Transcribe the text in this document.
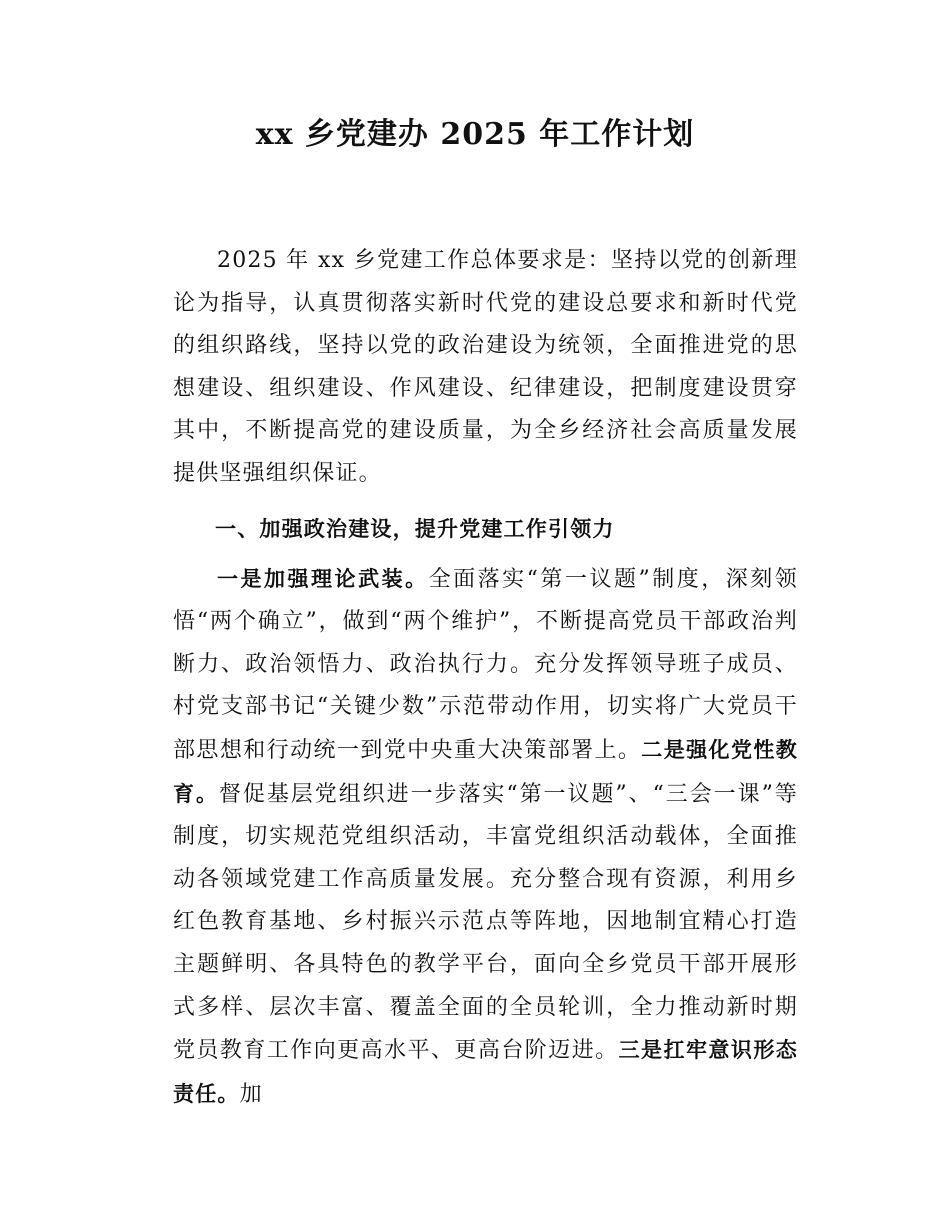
xx 乡党建办 2025 年工作计划

2025 年 xx 乡党建工作总体要求是：坚持以党的创新理论为指导，认真贯彻落实新时代党的建设总要求和新时代党的组织路线，坚持以党的政治建设为统领，全面推进党的思想建设、组织建设、作风建设、纪律建设，把制度建设贯穿其中，不断提高党的建设质量，为全乡经济社会高质量发展提供坚强组织保证。

一、加强政治建设，提升党建工作引领力

一是加强理论武装。全面落实“第一议题”制度，深刻领悟“两个确立”，做到“两个维护”，不断提高党员干部政治判断力、政治领悟力、政治执行力。充分发挥领导班子成员、村党支部书记“关键少数”示范带动作用，切实将广大党员干部思想和行动统一到党中央重大决策部署上。二是强化党性教育。督促基层党组织进一步落实“第一议题”、“三会一课”等制度，切实规范党组织活动，丰富党组织活动载体，全面推动各领域党建工作高质量发展。充分整合现有资源，利用乡红色教育基地、乡村振兴示范点等阵地，因地制宜精心打造主题鲜明、各具特色的教学平台，面向全乡党员干部开展形式多样、层次丰富、覆盖全面的全员轮训，全力推动新时期党员教育工作向更高水平、更高台阶迈进。三是扛牢意识形态责任。加
